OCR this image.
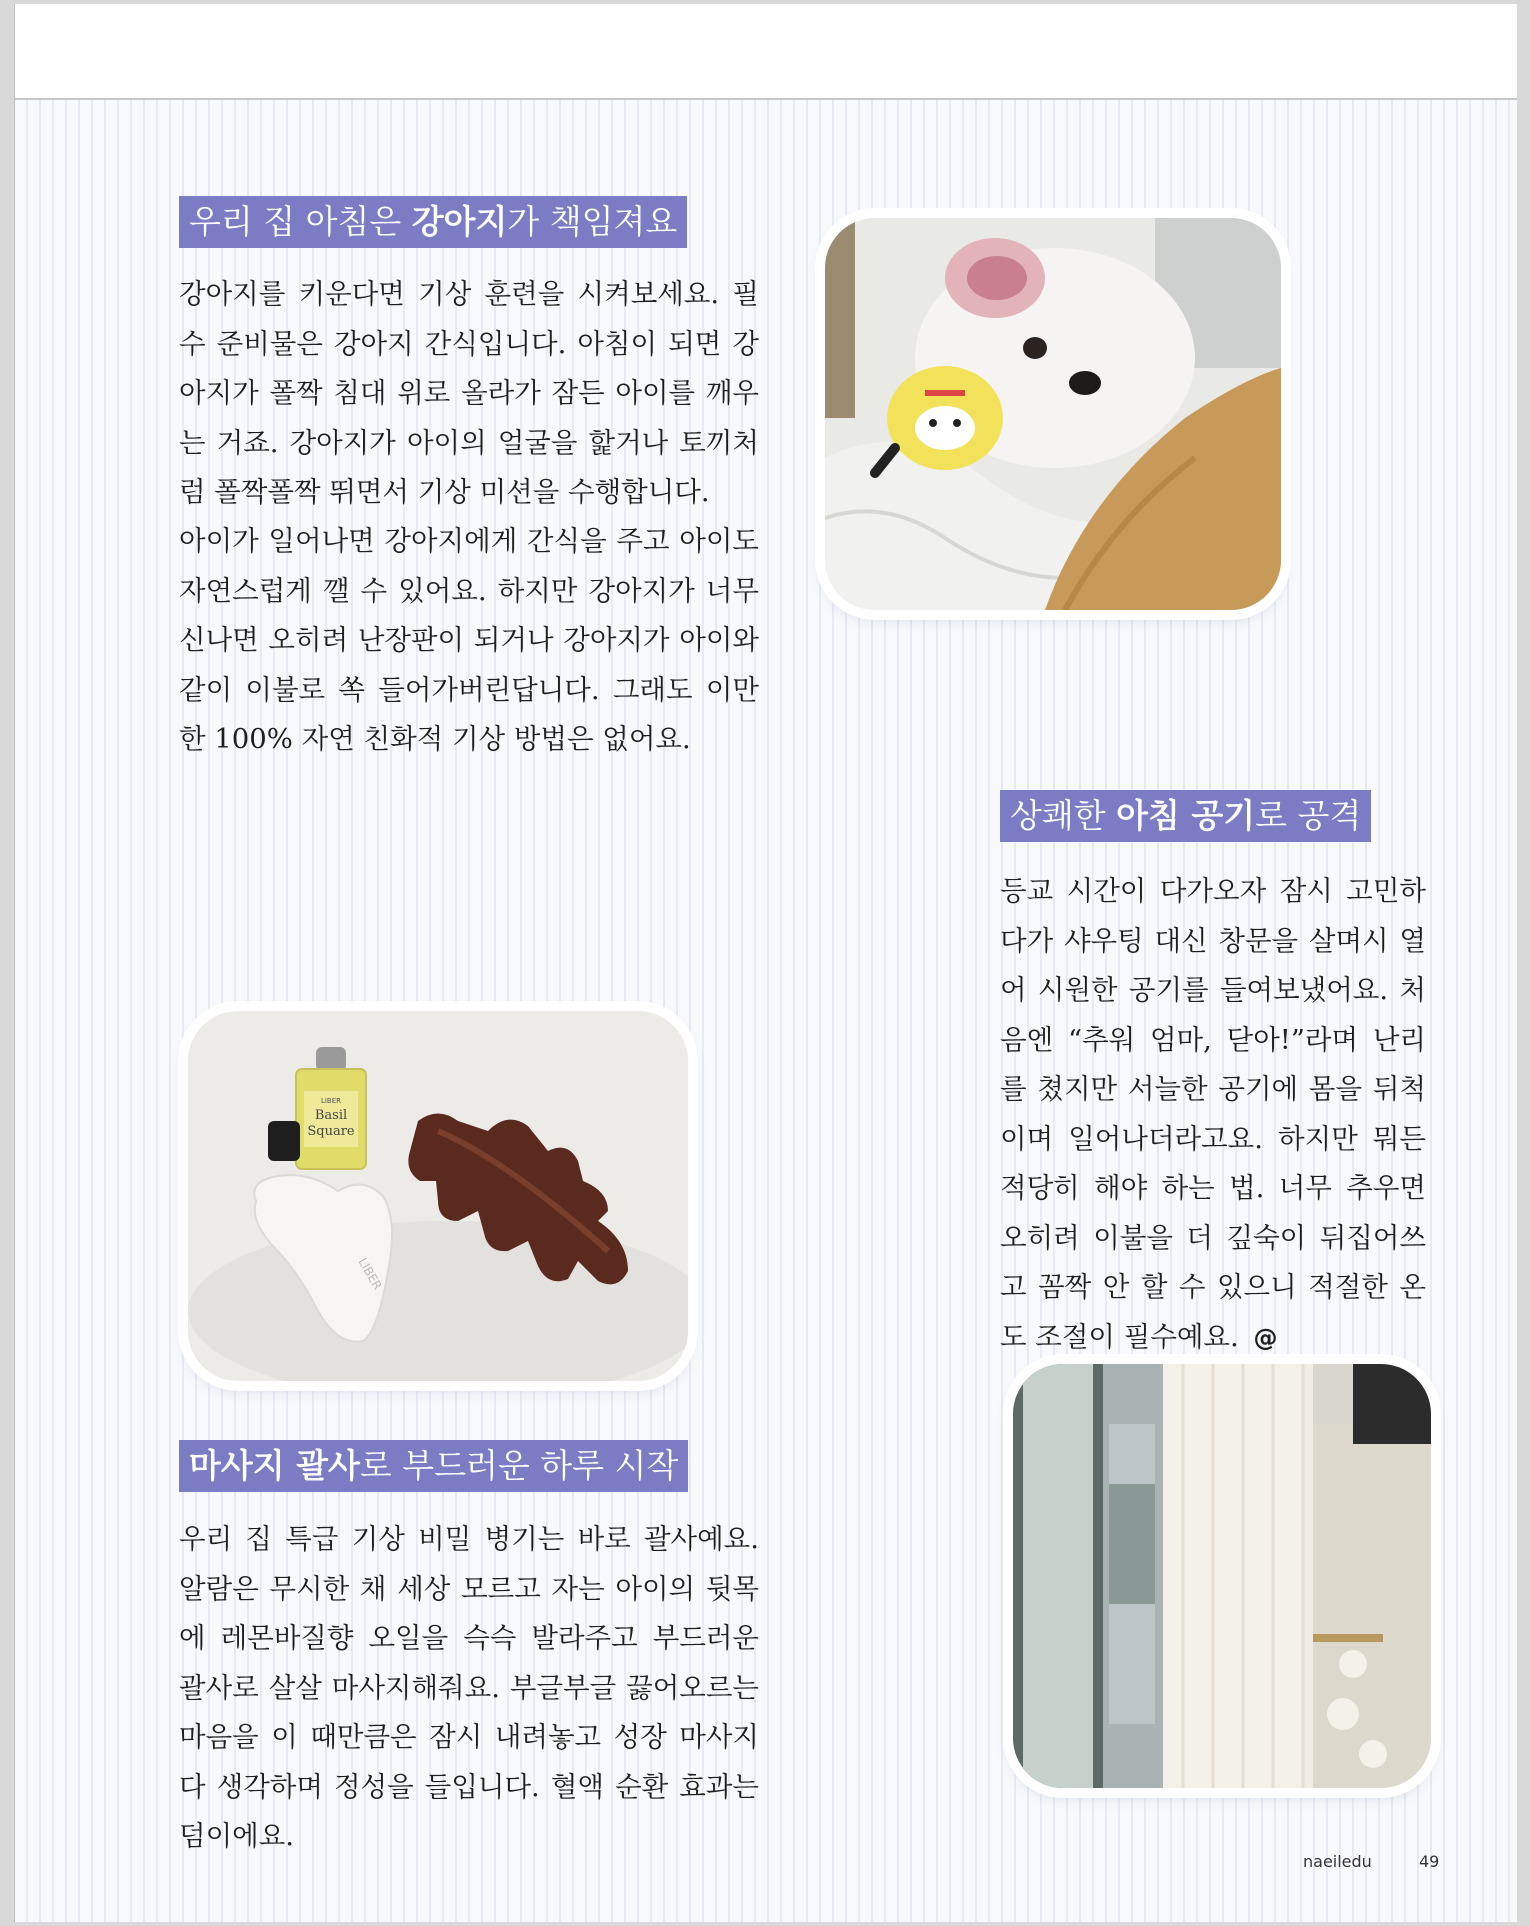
우리 집 아침은 강아지가 책임져요

강아지를 키운다면 기상 훈련을 시켜보세요. 필수 준비물은 강아지 간식입니다. 아침이 되면 강아지가 폴짝 침대 위로 올라가 잠든 아이를 깨우는 거죠. 강아지가 아이의 얼굴을 핥거나 토끼처럼 폴짝폴짝 뛰면서 기상 미션을 수행합니다.

아이가 일어나면 강아지에게 간식을 주고 아이도 자연스럽게 깰 수 있어요. 하지만 강아지가 너무 신나면 오히려 난장판이 되거나 강아지가 아이와 같이 이불로 쏙 들어가버린답니다. 그래도 이만한 100% 자연 친화적 기상 방법은 없어요.

상쾌한 아침 공기로 공격

등교 시간이 다가오자 잠시 고민하다가 샤우팅 대신 창문을 살며시 열어 시원한 공기를 들여보냈어요. 처음엔 “추워 엄마, 닫아!”라며 난리를 쳤지만 서늘한 공기에 몸을 뒤척이며 일어나더라고요. 하지만 뭐든 적당히 해야 하는 법. 너무 추우면 오히려 이불을 더 깊숙이 뒤집어쓰고 꼼짝 안 할 수 있으니 적절한 온도 조절이 필수예요. @

LIBER
Basil
Square
LIBER
마사지 괄사로 부드러운 하루 시작

우리 집 특급 기상 비밀 병기는 바로 괄사예요. 알람은 무시한 채 세상 모르고 자는 아이의 뒷목에 레몬바질향 오일을 슥슥 발라주고 부드러운 괄사로 살살 마사지해줘요. 부글부글 끓어오르는 마음을 이 때만큼은 잠시 내려놓고 성장 마사지다 생각하며 정성을 들입니다. 혈액 순환 효과는 덤이에요.

naeiledu	49
